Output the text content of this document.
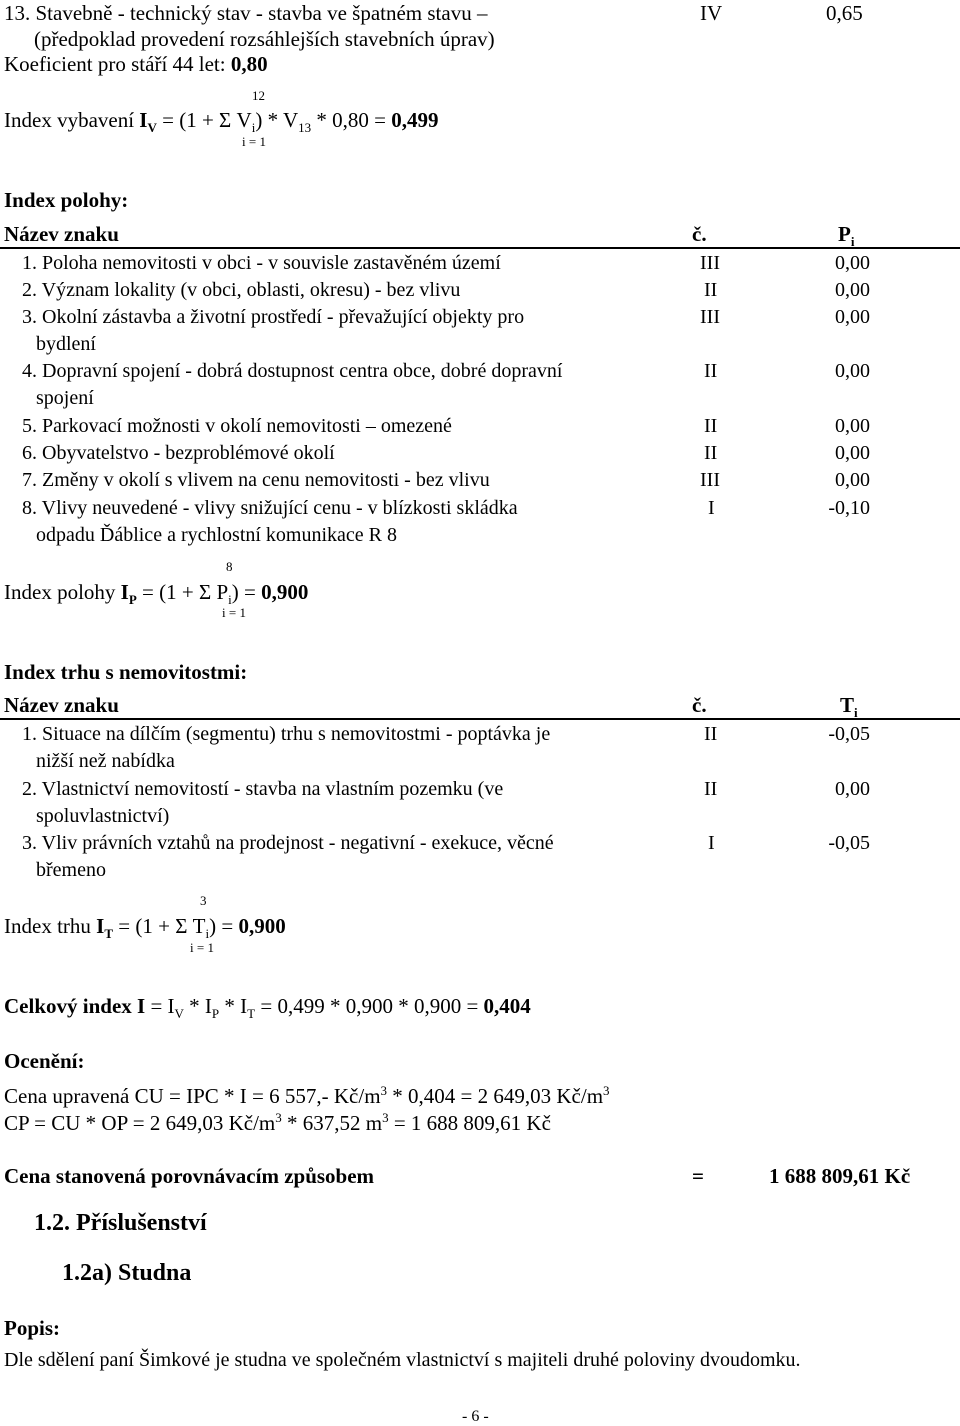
13. Stavebně - technický stav - stavba ve špatném stavu –
(předpoklad provedení rozsáhlejších stavebních úprav)
IV	0,65
Koeficient pro stáří 44 let: 0,80
12
Index vybavení $I_V = (1 + \Sigma$ $V_i) * V_{13} * 0,80 = 0,499$
i = 1
Index polohy:
Název znaku	č.	$P_i$
1. Poloha nemovitosti v obci - v souvisle zastavěném území	III	0,00
2. Význam lokality (v obci, oblasti, okresu) - bez vlivu	II	0,00
3. Okolní zástavba a životní prostředí - převažující objekty pro
bydlení
III	0,00
4. Dopravní spojení - dobrá dostupnost centra obce, dobré dopravní
spojení
II	0,00
5. Parkovací možnosti v okolí nemovitosti – omezené	II	0,00
6. Obyvatelstvo - bezproblémové okolí	II	0,00
7. Změny v okolí s vlivem na cenu nemovitosti - bez vlivu	III	0,00
8. Vlivy neuvedené - vlivy snižující cenu - v blízkosti skládka
odpadu Ďáblice a rychlostní komunikace R 8
I	-0,10
8
Index polohy $I_P = (1 + \Sigma$ $P_i) = 0,900$
i = 1
Index trhu s nemovitostmi:
Název znaku	č.	$T_i$
1. Situace na dílčím (segmentu) trhu s nemovitostmi - poptávka je
nižší než nabídka
II	-0,05
2. Vlastnictví nemovitostí - stavba na vlastním pozemku (ve
spoluvlastnictví)
II	0,00
3. Vliv právních vztahů na prodejnost - negativní - exekuce, věcné
břemeno
I	-0,05
3
Index trhu $I_T = (1 + \Sigma$ $T_i) = 0,900$
i = 1
Celkový index $I = I_V * I_P * I_T = 0,499 * 0,900 * 0,900 = 0,404$
Ocenění:
Cena upravená CU = IPC * I = 6 557,- $Kč/m^3 * 0,404 = 2$ 649,03 $Kč/m^3$
CP = CU * OP = 2 649,03 $Kč/m^3 * 637,52$ $m^3 = 1$ 688 809,61 Kč
Cena stanovená porovnávacím způsobem	=	1 688 809,61 Kč
1.2. Příslušenství
1.2a) Studna
Popis:
Dle sdělení paní Šimkové je studna ve společném vlastnictví s majiteli druhé poloviny dvoudomku.
- 6 -
